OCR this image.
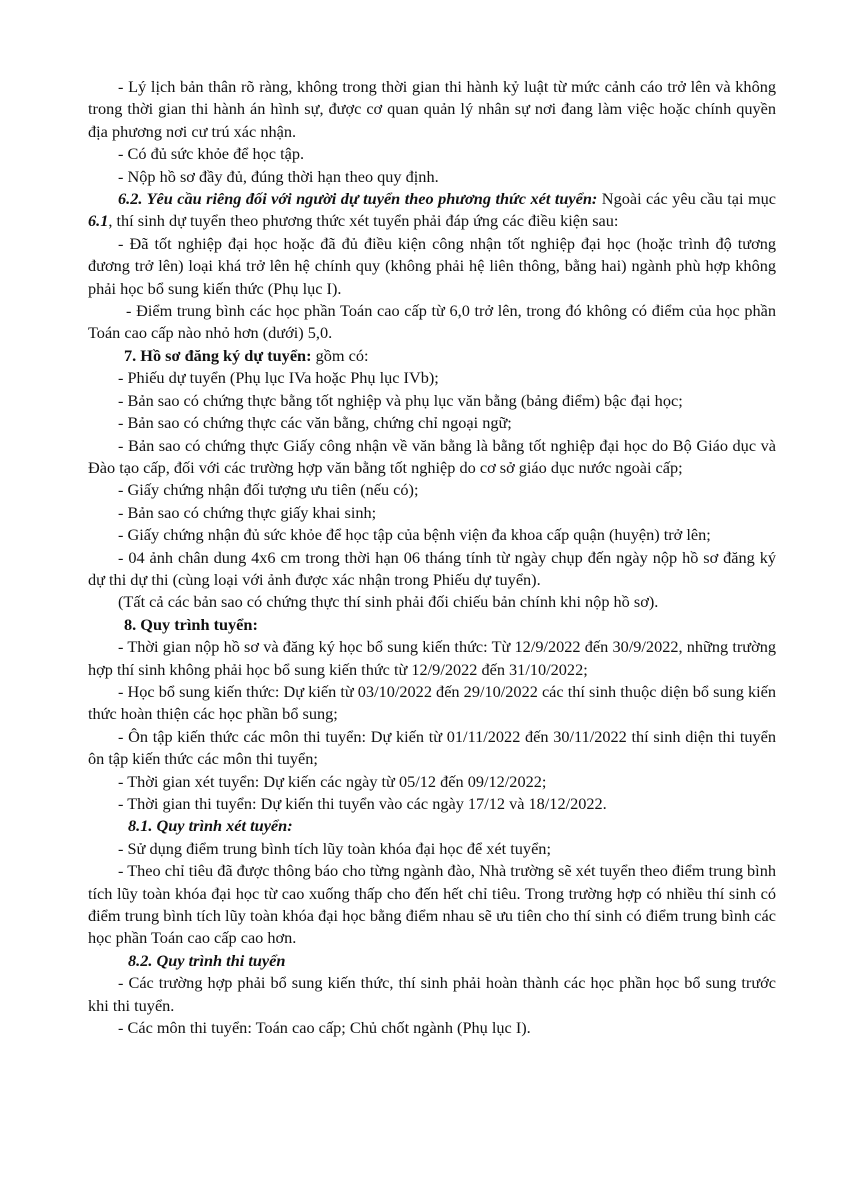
- Lý lịch bản thân rõ ràng, không trong thời gian thi hành kỷ luật từ mức cảnh cáo trở lên và không trong thời gian thi hành án hình sự, được cơ quan quản lý nhân sự nơi đang làm việc hoặc chính quyền địa phương nơi cư trú xác nhận.

- Có đủ sức khỏe để học tập.

- Nộp hồ sơ đầy đủ, đúng thời hạn theo quy định.

6.2. Yêu cầu riêng đối với người dự tuyển theo phương thức xét tuyển: Ngoài các yêu cầu tại mục 6.1, thí sinh dự tuyển theo phương thức xét tuyển phải đáp ứng các điều kiện sau:

- Đã tốt nghiệp đại học hoặc đã đủ điều kiện công nhận tốt nghiệp đại học (hoặc trình độ tương đương trở lên) loại khá trở lên hệ chính quy (không phải hệ liên thông, bằng hai) ngành phù hợp không phải học bổ sung kiến thức (Phụ lục I).

- Điểm trung bình các học phần Toán cao cấp từ 6,0 trở lên, trong đó không có điểm của học phần Toán cao cấp nào nhỏ hơn (dưới) 5,0.

7. Hồ sơ đăng ký dự tuyển: gồm có:

- Phiếu dự tuyển (Phụ lục IVa hoặc Phụ lục IVb);

- Bản sao có chứng thực bằng tốt nghiệp và phụ lục văn bằng (bảng điểm) bậc đại học;

- Bản sao có chứng thực các văn bằng, chứng chỉ ngoại ngữ;

- Bản sao có chứng thực Giấy công nhận về văn bằng là bằng tốt nghiệp đại học do Bộ Giáo dục và Đào tạo cấp, đối với các trường hợp văn bằng tốt nghiệp do cơ sở giáo dục nước ngoài cấp;

- Giấy chứng nhận đối tượng ưu tiên (nếu có);

- Bản sao có chứng thực giấy khai sinh;

- Giấy chứng nhận đủ sức khỏe để học tập của bệnh viện đa khoa cấp quận (huyện) trở lên;

- 04 ảnh chân dung 4x6 cm trong thời hạn 06 tháng tính từ ngày chụp đến ngày nộp hồ sơ đăng ký dự thi dự thi (cùng loại với ảnh được xác nhận trong Phiếu dự tuyển).

(Tất cả các bản sao có chứng thực thí sinh phải đối chiếu bản chính khi nộp hồ sơ).

8. Quy trình tuyển:

- Thời gian nộp hồ sơ và đăng ký học bổ sung kiến thức: Từ 12/9/2022 đến 30/9/2022, những trường hợp thí sinh không phải học bổ sung kiến thức từ 12/9/2022 đến 31/10/2022;

- Học bổ sung kiến thức: Dự kiến từ 03/10/2022 đến 29/10/2022 các thí sinh thuộc diện bổ sung kiến thức hoàn thiện các học phần bổ sung;

- Ôn tập kiến thức các môn thi tuyển: Dự kiến từ 01/11/2022 đến 30/11/2022 thí sinh diện thi tuyển ôn tập kiến thức các môn thi tuyển;

- Thời gian xét tuyển: Dự kiến các ngày từ 05/12 đến 09/12/2022;

- Thời gian thi tuyển: Dự kiến thi tuyển vào các ngày 17/12 và 18/12/2022.

8.1. Quy trình xét tuyển:

- Sử dụng điểm trung bình tích lũy toàn khóa đại học để xét tuyển;

- Theo chỉ tiêu đã được thông báo cho từng ngành đào, Nhà trường sẽ xét tuyển theo điểm trung bình tích lũy toàn khóa đại học từ cao xuống thấp cho đến hết chỉ tiêu. Trong trường hợp có nhiều thí sinh có điểm trung bình tích lũy toàn khóa đại học bằng điểm nhau sẽ ưu tiên cho thí sinh có điểm trung bình các học phần Toán cao cấp cao hơn.

8.2. Quy trình thi tuyển

- Các trường hợp phải bổ sung kiến thức, thí sinh phải hoàn thành các học phần học bổ sung trước khi thi tuyển.

- Các môn thi tuyển: Toán cao cấp; Chủ chốt ngành (Phụ lục I).
